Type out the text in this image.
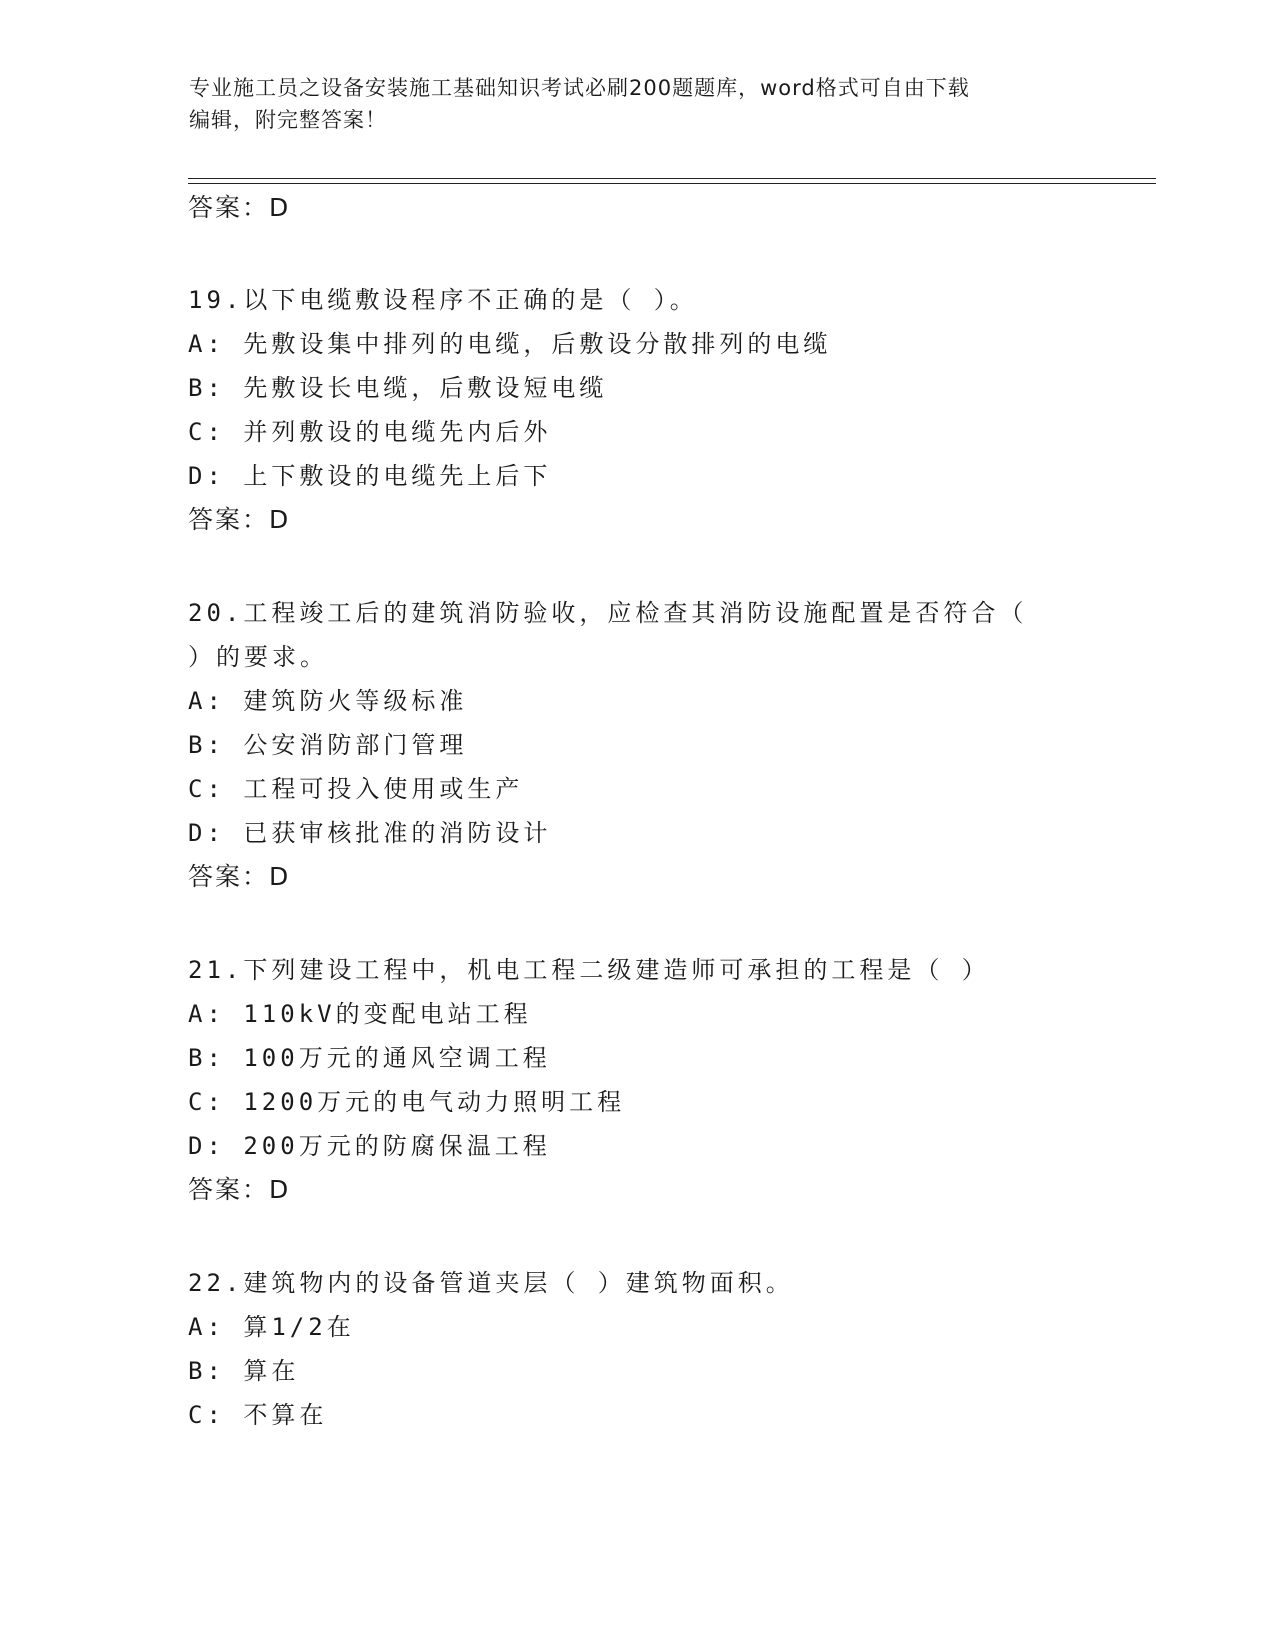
专业施工员之设备安装施工基础知识考试必刷200题题库，word格式可自由下载
编辑，附完整答案！
答案：D
19.以下电缆敷设程序不正确的是（ ）。
A: 先敷设集中排列的电缆，后敷设分散排列的电缆
B: 先敷设长电缆，后敷设短电缆
C: 并列敷设的电缆先内后外
D: 上下敷设的电缆先上后下
答案：D
20.工程竣工后的建筑消防验收，应检查其消防设施配置是否符合（
）的要求。
A: 建筑防火等级标准
B: 公安消防部门管理
C: 工程可投入使用或生产
D: 已获审核批准的消防设计
答案：D
21.下列建设工程中，机电工程二级建造师可承担的工程是（ ）
A: 110kV的变配电站工程
B: 100万元的通风空调工程
C: 1200万元的电气动力照明工程
D: 200万元的防腐保温工程
答案：D
22.建筑物内的设备管道夹层（ ）建筑物面积。
A: 算1/2在
B: 算在
C: 不算在
